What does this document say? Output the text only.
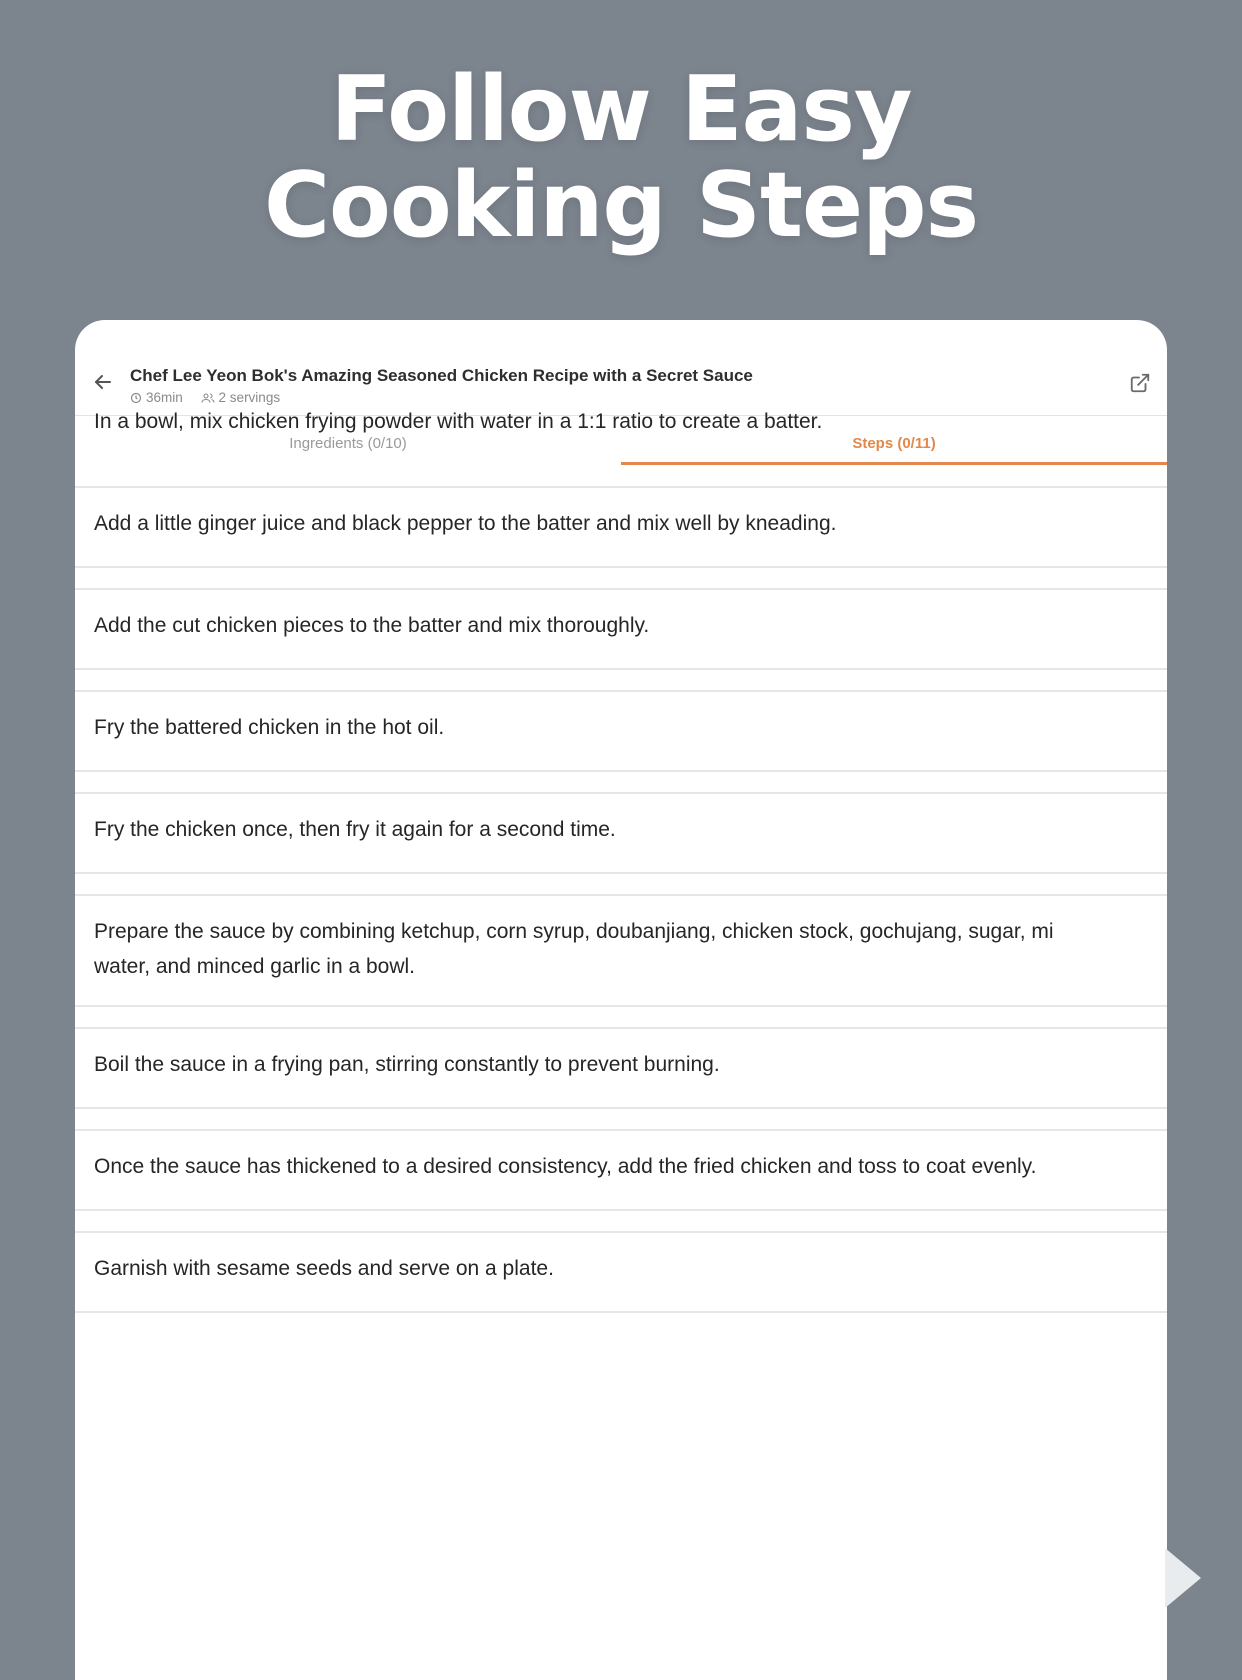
Follow Easy
Cooking Steps
Chef Lee Yeon Bok's Amazing Seasoned Chicken Recipe with a Secret Sauce
36min
	2 servings
Ingredients (0/10)	Steps (0/11)
In a bowl, mix chicken frying powder with water in a 1:1 ratio to create a batter.
Add a little ginger juice and black pepper to the batter and mix well by kneading.
Add the cut chicken pieces to the batter and mix thoroughly.
Fry the battered chicken in the hot oil.
Fry the chicken once, then fry it again for a second time.
Prepare the sauce by combining ketchup, corn syrup, doubanjiang, chicken stock, gochujang, sugar, mi
water, and minced garlic in a bowl.
Boil the sauce in a frying pan, stirring constantly to prevent burning.
Once the sauce has thickened to a desired consistency, add the fried chicken and toss to coat evenly.
Garnish with sesame seeds and serve on a plate.
